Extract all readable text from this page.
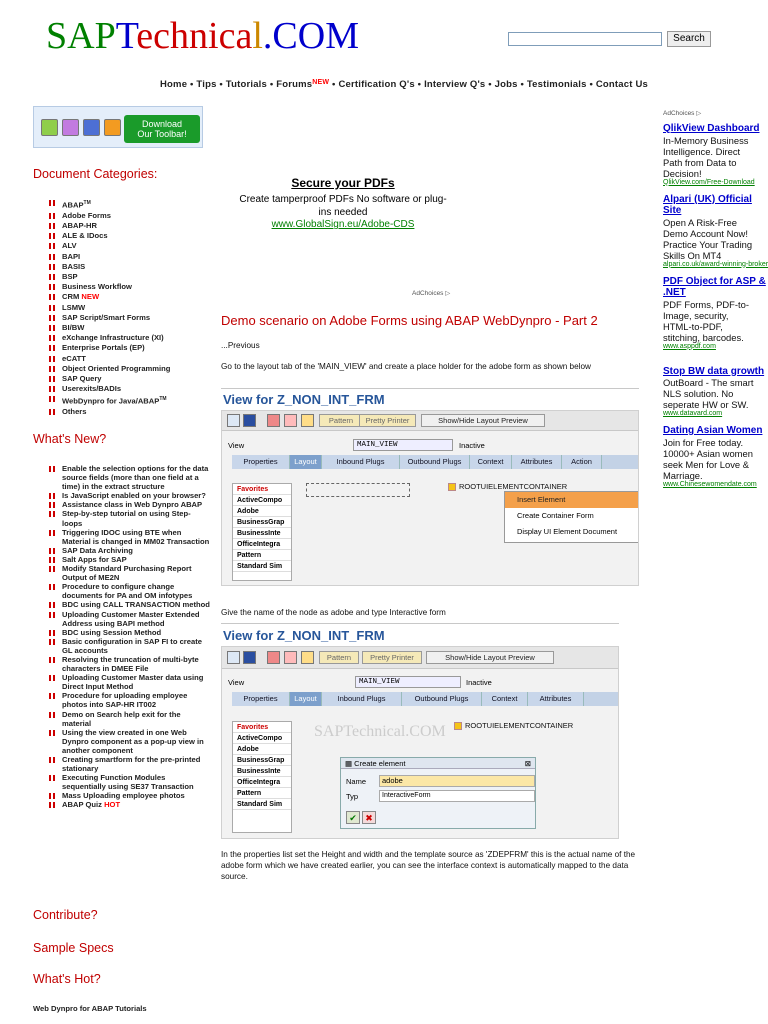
SAPTechnical.COM	Search
Home • Tips • Tutorials • Forums$^{NEW}$ • Certification Q's • Interview Q's • Jobs • Testimonials • Contact Us
Download
Our Toolbar!
Document Categories:
ABAP™
Adobe Forms
ABAP-HR
ALE & IDocs
ALV
BAPI
BASIS
BSP
Business Workflow
CRM NEW
LSMW
SAP Script/Smart Forms
BI/BW
eXchange Infrastructure (XI)
Enterprise Portals (EP)
eCATT
Object Oriented Programming
SAP Query
Userexits/BADIs
WebDynpro for Java/ABAP™
Others
What's New?
Enable the selection options for the data source fields (more than one field at a time) in the extract structure
Is JavaScript enabled on your browser?
Assistance class in Web Dynpro ABAP
Step-by-step tutorial on using Step-loops
Triggering IDOC using BTE when Material is changed in MM02 Transaction
SAP Data Archiving
Salt Apps for SAP
Modify Standard Purchasing Report Output of ME2N
Procedure to configure change documents for PA and OM infotypes
BDC using CALL TRANSACTION method
Uploading Customer Master Extended Address using BAPI method
BDC using Session Method
Basic configuration in SAP FI to create GL accounts
Resolving the truncation of multi-byte characters in DMEE File
Uploading Customer Master data using Direct Input Method
Procedure for uploading employee photos into SAP-HR IT002
Demo on Search help exit for the material
Using the view created in one Web Dynpro component as a pop-up view in another component
Creating smartform for the pre-printed stationary
Executing Function Modules sequentially using SE37 Transaction
Mass Uploading employee photos
ABAP Quiz HOT
Contribute?
Sample Specs
What's Hot?
Web Dynpro for ABAP Tutorials
Secure your PDFs
Create tamperproof PDFs No software or plug-ins needed
www.GlobalSign.eu/Adobe-CDS
AdChoices ▷
Demo scenario on Adobe Forms using ABAP WebDynpro - Part 2
...Previous
Go to the layout tab of the 'MAIN_VIEW' and create a place holder for the adobe form as shown below
View for Z_NON_INT_FRM
Pattern	Pretty Printer	Show/Hide Layout Preview
View	MAIN_VIEW	Inactive
Properties	Layout	Inbound Plugs	Outbound Plugs	Context	Attributes	Action
Favorites
ActiveCompo
Adobe
BusinessGrap
BusinessInte
OfficeIntegra
Pattern
Standard Sim
ROOTUIELEMENTCONTAINER
Insert Element
Create Container Form
Display UI Element Document
Give the name of the node as adobe and type Interactive form
View for Z_NON_INT_FRM
Pattern	Pretty Printer	Show/Hide Layout Preview
View	MAIN_VIEW	Inactive
Properties	Layout	Inbound Plugs	Outbound Plugs	Context	Attributes
Favorites
ActiveCompo
Adobe
BusinessGrap
BusinessInte
OfficeIntegra
Pattern
Standard Sim
ROOTUIELEMENTCONTAINER
SAPTechnical.COM
▦ Create element	⊠
Name	adobe
Typ	InteractiveForm
✔ ✖
In the properties list set the Height and width and the template source as 'ZDEPFRM' this is the actual name of the adobe form which we have created earlier, you can see the interface context is automatically mapped to the data source.
AdChoices ▷
QlikView Dashboard
In-Memory Business
Intelligence. Direct
Path from Data to
Decision!
QlikView.com/Free-Download
Alpari (UK) Official Site
Open A Risk-Free
Demo Account Now!
Practice Your Trading
Skills On MT4
alpari.co.uk/award-winning-broker
PDF Object for ASP & .NET
PDF Forms, PDF-to-
Image, security,
HTML-to-PDF,
stitching, barcodes.
www.asppdf.com
Stop BW data growth
OutBoard - The smart
NLS solution. No
seperate HW or SW.
www.datavard.com
Dating Asian Women
Join for Free today.
10000+ Asian women
seek Men for Love &
Marriage.
www.Chinesewomendate.com
